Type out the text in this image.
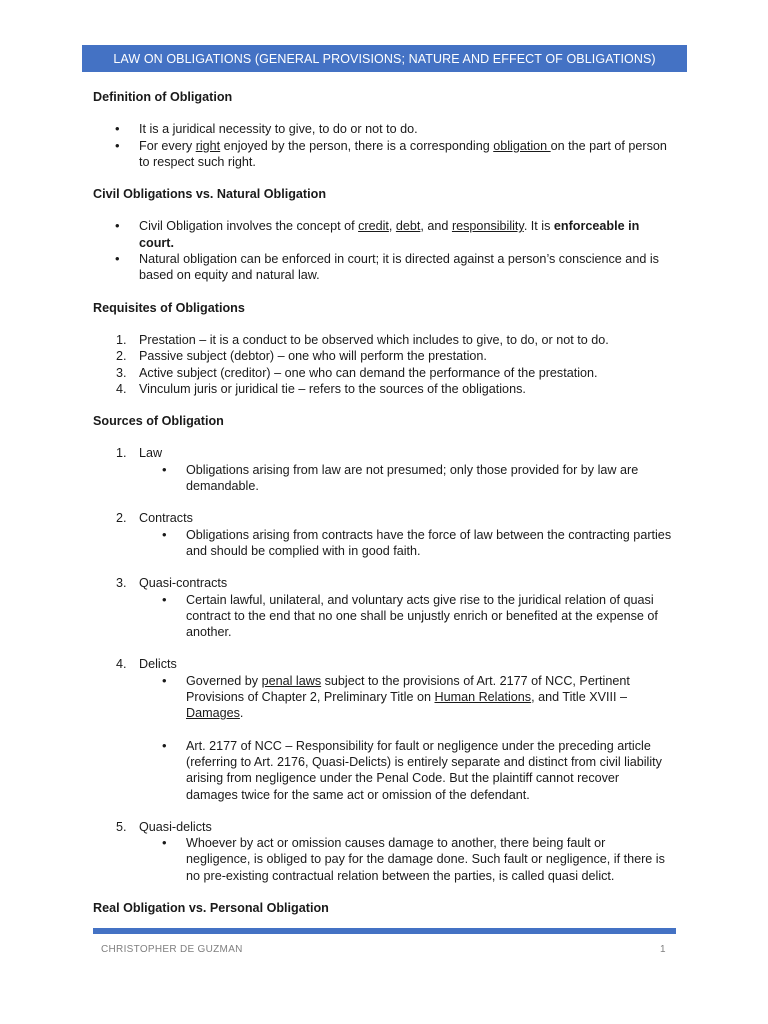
LAW ON OBLIGATIONS (GENERAL PROVISIONS; NATURE AND EFFECT OF OBLIGATIONS)
Definition of Obligation
• It is a juridical necessity to give, to do or not to do.
• For every right enjoyed by the person, there is a corresponding obligation on the part of person to respect such right.
Civil Obligations vs. Natural Obligation
• Civil Obligation involves the concept of credit, debt, and responsibility. It is enforceable in court.
• Natural obligation can be enforced in court; it is directed against a person’s conscience and is based on equity and natural law.
Requisites of Obligations
1. Prestation – it is a conduct to be observed which includes to give, to do, or not to do.
2. Passive subject (debtor) – one who will perform the prestation.
3. Active subject (creditor) – one who can demand the performance of the prestation.
4. Vinculum juris or juridical tie – refers to the sources of the obligations.
Sources of Obligation
1. Law
• Obligations arising from law are not presumed; only those provided for by law are demandable.
2. Contracts
• Obligations arising from contracts have the force of law between the contracting parties and should be complied with in good faith.
3. Quasi-contracts
• Certain lawful, unilateral, and voluntary acts give rise to the juridical relation of quasi contract to the end that no one shall be unjustly enrich or benefited at the expense of another.
4. Delicts
• Governed by penal laws subject to the provisions of Art. 2177 of NCC, Pertinent Provisions of Chapter 2, Preliminary Title on Human Relations, and Title XVIII – Damages.
• Art. 2177 of NCC – Responsibility for fault or negligence under the preceding article (referring to Art. 2176, Quasi-Delicts) is entirely separate and distinct from civil liability arising from negligence under the Penal Code. But the plaintiff cannot recover damages twice for the same act or omission of the defendant.
5. Quasi-delicts
• Whoever by act or omission causes damage to another, there being fault or negligence, is obliged to pay for the damage done. Such fault or negligence, if there is no pre-existing contractual relation between the parties, is called quasi delict.
Real Obligation vs. Personal Obligation
CHRISTOPHER DE GUZMAN	1
